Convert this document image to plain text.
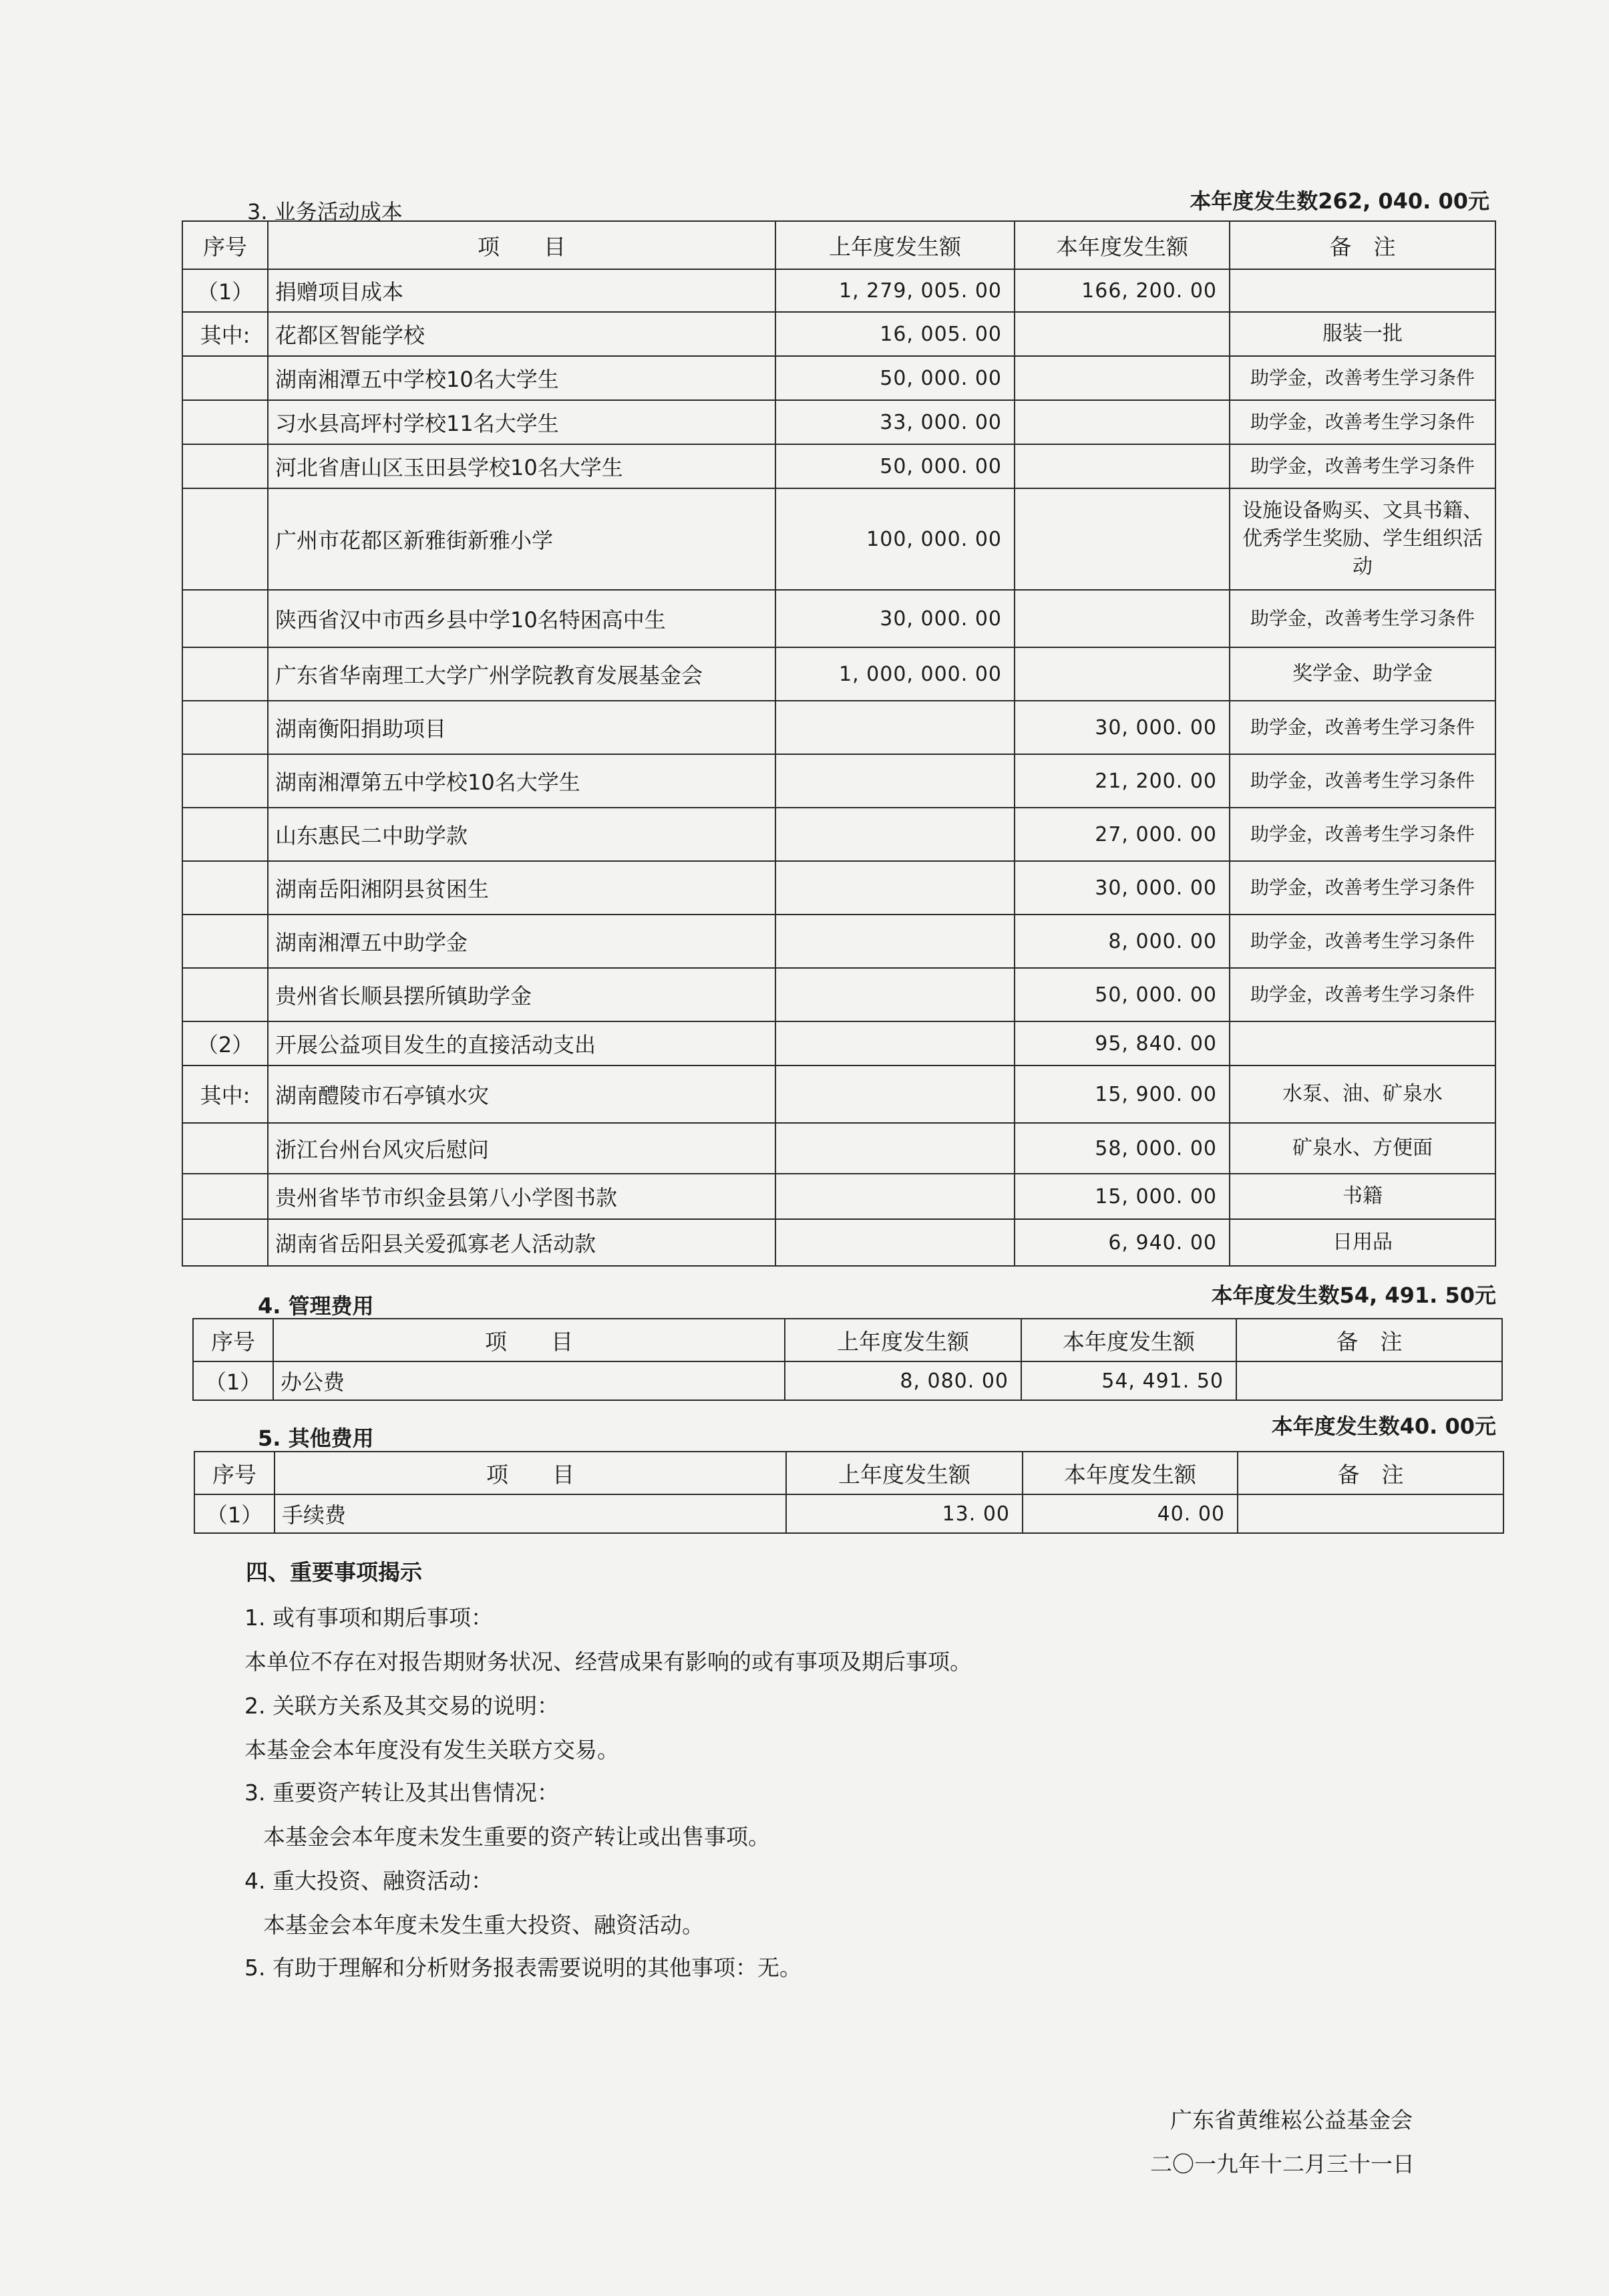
3. 业务活动成本	本年度发生数262, 040. 00元
序号	项　　目	上年度发生额	本年度发生额	备　注
（1）	捐赠项目成本	1, 279, 005. 00	166, 200. 00	
其中:	花都区智能学校	16, 005. 00		服装一批
	湖南湘潭五中学校10名大学生	50, 000. 00		助学金，改善考生学习条件
	习水县高坪村学校11名大学生	33, 000. 00		助学金，改善考生学习条件
	河北省唐山区玉田县学校10名大学生	50, 000. 00		助学金，改善考生学习条件
	广州市花都区新雅街新雅小学	100, 000. 00		设施设备购买、文具书籍、优秀学生奖励、学生组织活动
	陕西省汉中市西乡县中学10名特困高中生	30, 000. 00		助学金，改善考生学习条件
	广东省华南理工大学广州学院教育发展基金会	1, 000, 000. 00		奖学金、助学金
	湖南衡阳捐助项目		30, 000. 00	助学金，改善考生学习条件
	湖南湘潭第五中学校10名大学生		21, 200. 00	助学金，改善考生学习条件
	山东惠民二中助学款		27, 000. 00	助学金，改善考生学习条件
	湖南岳阳湘阴县贫困生		30, 000. 00	助学金，改善考生学习条件
	湖南湘潭五中助学金		8, 000. 00	助学金，改善考生学习条件
	贵州省长顺县摆所镇助学金		50, 000. 00	助学金，改善考生学习条件
（2）	开展公益项目发生的直接活动支出		95, 840. 00	
其中:	湖南醴陵市石亭镇水灾		15, 900. 00	水泵、油、矿泉水
	浙江台州台风灾后慰问		58, 000. 00	矿泉水、方便面
	贵州省毕节市织金县第八小学图书款		15, 000. 00	书籍
	湖南省岳阳县关爱孤寡老人活动款		6, 940. 00	日用品
4. 管理费用	本年度发生数54, 491. 50元
序号	项　　目	上年度发生额	本年度发生额	备　注
（1）	办公费	8, 080. 00	54, 491. 50	
5. 其他费用	本年度发生数40. 00元
序号	项　　目	上年度发生额	本年度发生额	备　注
（1）	手续费	13. 00	40. 00	
四、重要事项揭示
1. 或有事项和期后事项：
本单位不存在对报告期财务状况、经营成果有影响的或有事项及期后事项。
2. 关联方关系及其交易的说明：
本基金会本年度没有发生关联方交易。
3. 重要资产转让及其出售情况：
本基金会本年度未发生重要的资产转让或出售事项。
4. 重大投资、融资活动：
本基金会本年度未发生重大投资、融资活动。
5. 有助于理解和分析财务报表需要说明的其他事项：无。
广东省黄维崧公益基金会
二〇一九年十二月三十一日
